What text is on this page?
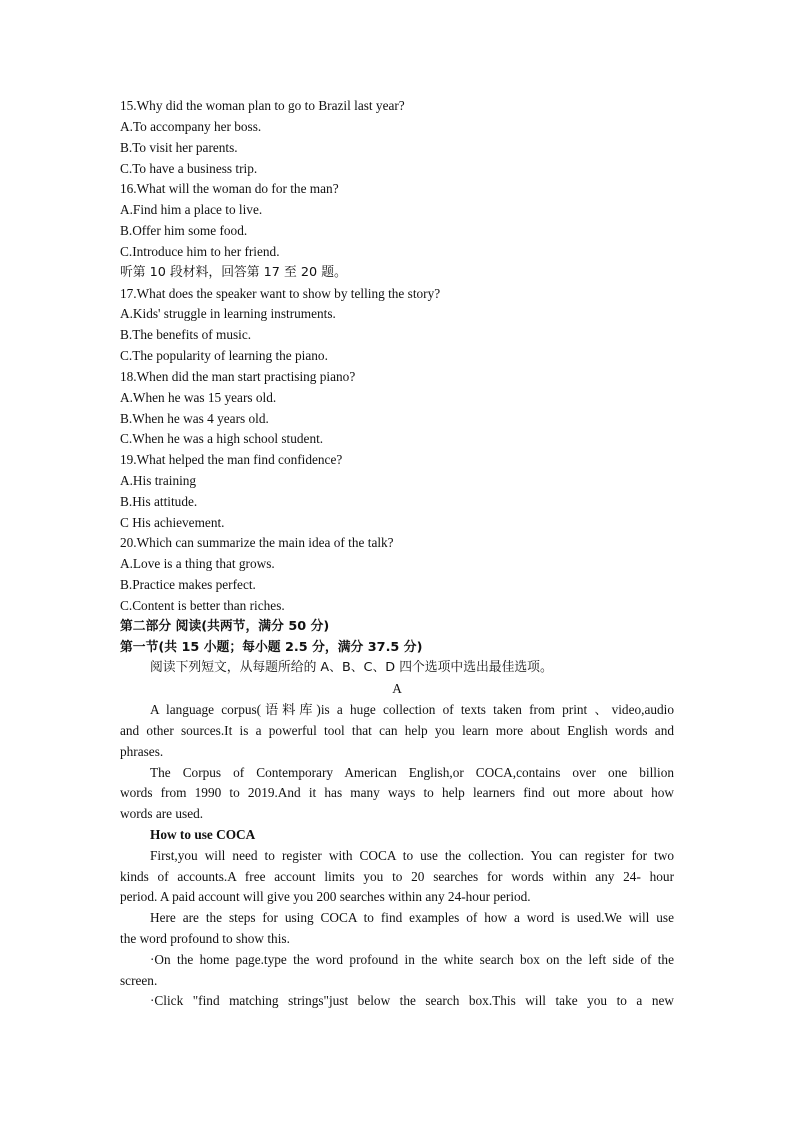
15.Why did the woman plan to go to Brazil last year?
A.To accompany her boss.
B.To visit her parents.
C.To have a business trip.
16.What will the woman do for the man?
A.Find him a place to live.
B.Offer him some food.
C.Introduce him to her friend.
听第 10 段材料，回答第 17 至 20 题。
17.What does the speaker want to show by telling the story?
A.Kids' struggle in learning instruments.
B.The benefits of music.
C.The popularity of learning the piano.
18.When did the man start practising piano?
A.When he was 15 years old.
B.When he was 4 years old.
C.When he was a high school student.
19.What helped the man find confidence?
A.His training
B.His attitude.
C His achievement.
20.Which can summarize the main idea of the talk?
A.Love is a thing that grows.
B.Practice makes perfect.
C.Content is better than riches.
第二部分 阅读(共两节，满分 50 分)
第一节(共 15 小题；每小题 2.5 分，满分 37.5 分)
阅读下列短文，从每题所给的 A、B、C、D 四个选项中选出最佳选项。
A
A language corpus(语料库)is a huge collection of texts taken from print 、video,audio
and other sources.It is a powerful tool that can help you learn more about English words and
phrases.
The Corpus of Contemporary American English,or COCA,contains over one billion
words from 1990 to 2019.And it has many ways to help learners find out more about how
words are used.
How to use COCA
First,you will need to register with COCA to use the collection. You can register for two
kinds of accounts.A free account limits you to 20 searches for words within any 24- hour
period. A paid account will give you 200 searches within any 24-hour period.
Here are the steps for using COCA to find examples of how a word is used.We will use
the word profound to show this.
·On the home page.type the word profound in the white search box on the left side of the
screen.
·Click "find matching strings"just below the search box.This will take you to a new
